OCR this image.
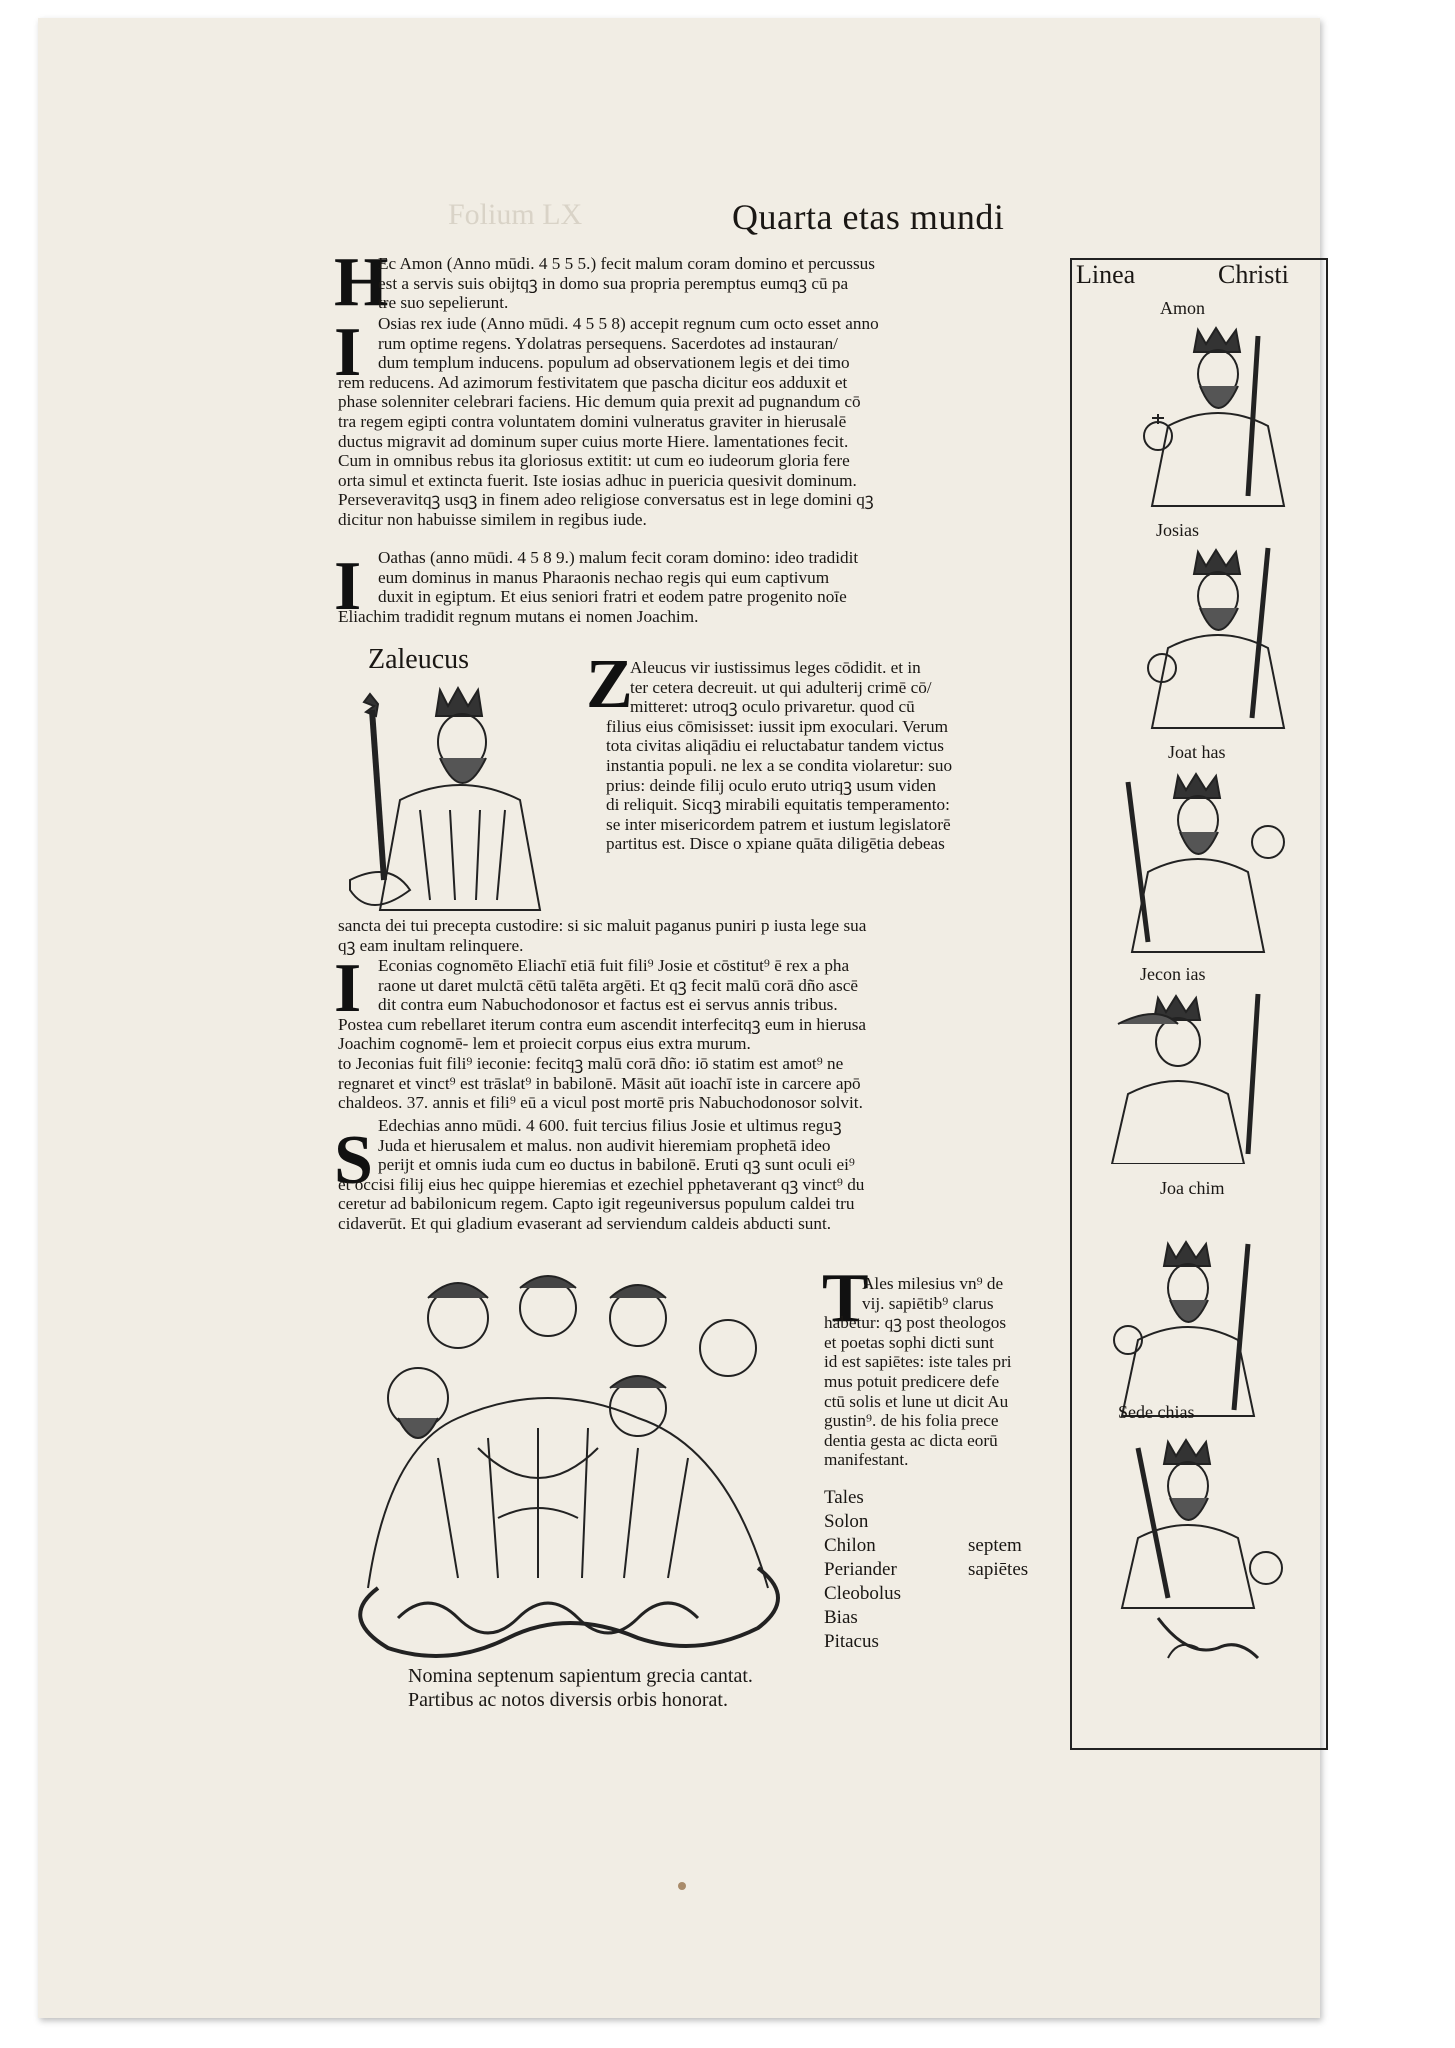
Folium LX	Quarta etas mundi
H
Ec Amon (Anno mūdi. 4 5 5 5.) fecit malum coram domino et percussus
est a servis suis obijtqꝫ in domo sua propria peremptus eumqꝫ cū pa
tre suo sepelierunt.
I Osias rex iude (Anno mūdi. 4 5 5 8) accepit regnum cum octo esset anno
rum optime regens. Ydolatras persequens. Sacerdotes ad instauran/
dum templum inducens. populum ad observationem legis et dei timo
rem reducens. Ad azimorum festivitatem que pascha dicitur eos adduxit et
phase solenniter celebrari faciens. Hic demum quia prexit ad pugnandum cō
tra regem egipti contra voluntatem domini vulneratus graviter in hierusalē
ductus migravit ad dominum super cuius morte Hiere. lamentationes fecit.
Cum in omnibus rebus ita gloriosus extitit: ut cum eo iudeorum gloria fere
orta simul et extincta fuerit. Iste iosias adhuc in puericia quesivit dominum.
Perseveravitqꝫ usqꝫ in finem adeo religiose conversatus est in lege domini qꝫ
dicitur non habuisse similem in regibus iude.
I Oathas (anno mūdi. 4 5 8 9.) malum fecit coram domino: ideo tradidit
eum dominus in manus Pharaonis nechao regis qui eum captivum
duxit in egiptum. Et eius seniori fratri et eodem patre progenito noīe
Eliachim tradidit regnum mutans ei nomen Joachim.
Zaleucus Z
Aleucus vir iustissimus leges cōdidit. et in
ter cetera decreuit. ut qui adulterij crimē cō/
mitteret: utroqꝫ oculo privaretur. quod cū
filius eius cōmisisset: iussit ipm exoculari. Verum
tota civitas aliqādiu ei reluctabatur tandem victus
instantia populi. ne lex a se condita violaretur: suo
prius: deinde filij oculo eruto utriqꝫ usum viden
di reliquit. Sicqꝫ mirabili equitatis temperamento:
se inter misericordem patrem et iustum legislatorē
partitus est. Disce o xpiane quāta diligētia debeas
sancta dei tui precepta custodire: si sic maluit paganus puniri p iusta lege sua
qꝫ eam inultam relinquere.
I Econias cognomēto Eliachī etiā fuit fili⁹ Josie et cōstitut⁹ ē rex a pha
raone ut daret mulctā cētū talēta argēti. Et qꝫ fecit malū corā dño ascē
dit contra eum Nabuchodonosor et factus est ei servus annis tribus.
Postea cum rebellaret iterum contra eum ascendit interfecitqꝫ eum in hierusa
Joachim cognomē- lem et proiecit corpus eius extra murum.
to Jeconias fuit fili⁹ ieconie: fecitqꝫ malū corā dño: iō statim est amot⁹ ne
regnaret et vinct⁹ est trāslat⁹ in babilonē. Māsit aūt ioachī iste in carcere apō
chaldeos. 37. annis et fili⁹ eū a vicul post mortē pris Nabuchodonosor solvit.
S Edechias anno mūdi. 4 600. fuit tercius filius Josie et ultimus reguꝫ
Juda et hierusalem et malus. non audivit hieremiam prophetā ideo
perijt et omnis iuda cum eo ductus in babilonē. Eruti qꝫ sunt oculi ei⁹
et occisi filij eius hec quippe hieremias et ezechiel pphetaverant qꝫ vinct⁹ du
ceretur ad babilonicum regem. Capto igit regeuniversus populum caldei tru
cidaverūt. Et qui gladium evaserant ad serviendum caldeis abducti sunt.
T
Ales milesius vn⁹ de
vij. sapiētib⁹ clarus
habetur: qꝫ post theologos
et poetas sophi dicti sunt
id est sapiētes: iste tales pri
mus potuit predicere defe
ctū solis et lune ut dicit Au
gustin⁹. de his folia prece
dentia gesta ac dicta eorū
manifestant.
Tales
Solon
Chilon
Periander
Cleobolus
Bias
Pitacus
septem
sapiētes
Nomina septenum sapientum grecia cantat.
Partibus ac notos diversis orbis honorat.
Linea	Christi
Amon
Josias
Joat has
Jecon ias
Joa chim
Sede chias
